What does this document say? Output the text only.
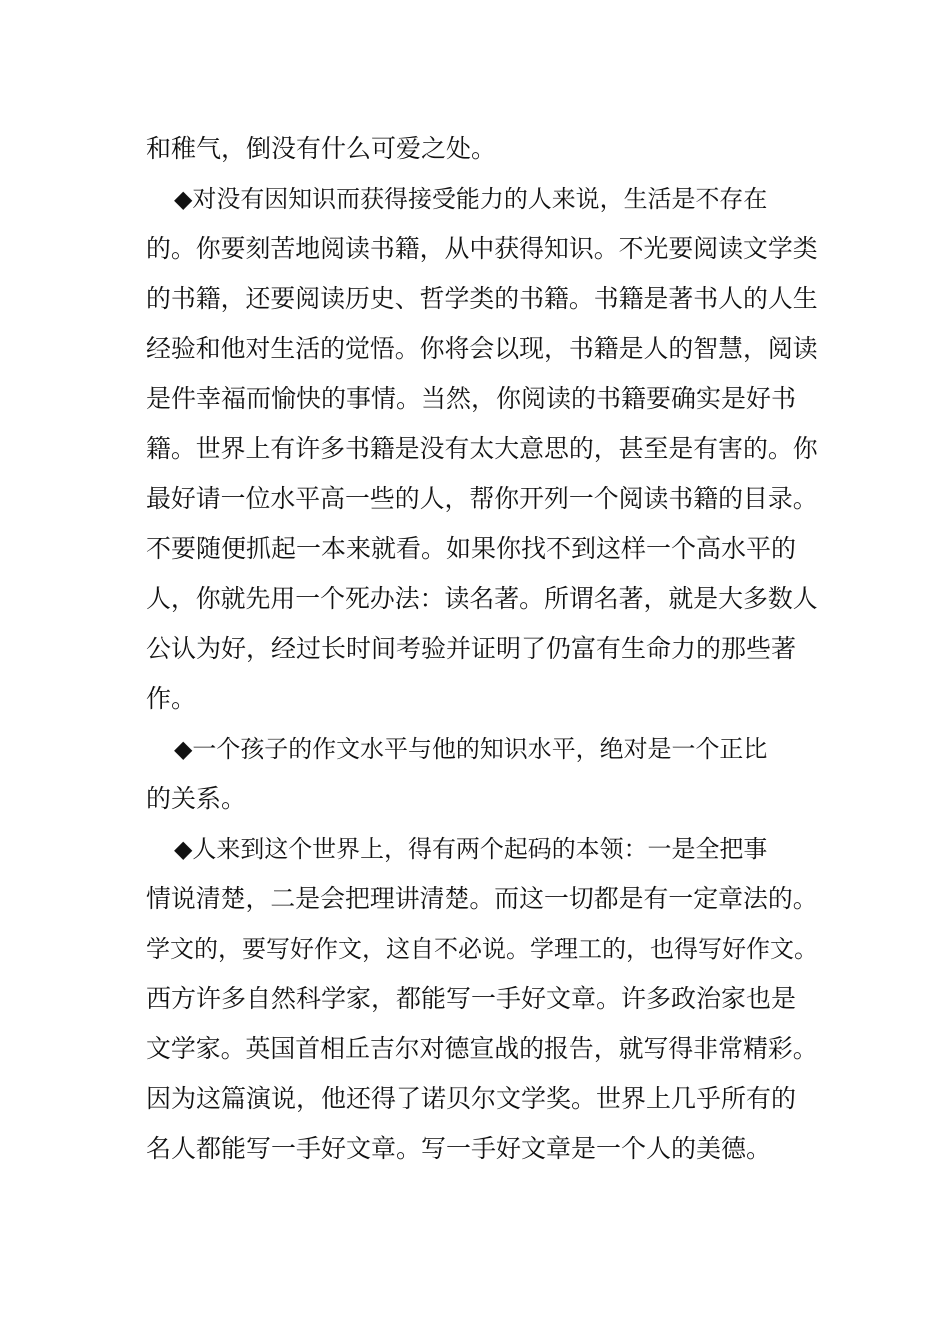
和稚气，倒没有什么可爱之处。
◆对没有因知识而获得接受能力的人来说，生活是不存在
的。你要刻苦地阅读书籍，从中获得知识。不光要阅读文学类
的书籍，还要阅读历史、哲学类的书籍。书籍是著书人的人生
经验和他对生活的觉悟。你将会以现，书籍是人的智慧，阅读
是件幸福而愉快的事情。当然，你阅读的书籍要确实是好书
籍。世界上有许多书籍是没有太大意思的，甚至是有害的。你
最好请一位水平高一些的人，帮你开列一个阅读书籍的目录。
不要随便抓起一本来就看。如果你找不到这样一个高水平的
人，你就先用一个死办法：读名著。所谓名著，就是大多数人
公认为好，经过长时间考验并证明了仍富有生命力的那些著
作。
◆一个孩子的作文水平与他的知识水平，绝对是一个正比
的关系。
◆人来到这个世界上，得有两个起码的本领：一是全把事
情说清楚，二是会把理讲清楚。而这一切都是有一定章法的。
学文的，要写好作文，这自不必说。学理工的，也得写好作文。
西方许多自然科学家，都能写一手好文章。许多政治家也是
文学家。英国首相丘吉尔对德宣战的报告，就写得非常精彩。
因为这篇演说，他还得了诺贝尔文学奖。世界上几乎所有的
名人都能写一手好文章。写一手好文章是一个人的美德。
